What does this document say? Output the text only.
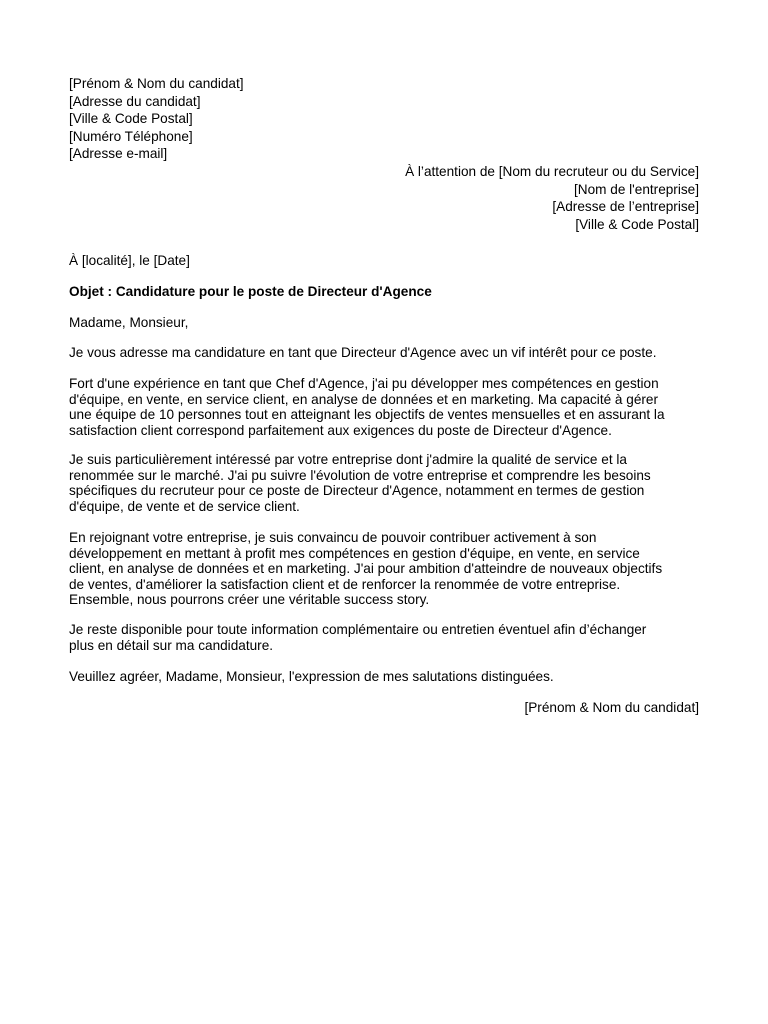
[Prénom & Nom du candidat]
[Adresse du candidat]
[Ville & Code Postal]
[Numéro Téléphone]
[Adresse e-mail]
À l’attention de [Nom du recruteur ou du Service]
[Nom de l'entreprise]
[Adresse de l’entreprise]
[Ville & Code Postal]
À [localité], le [Date]
Objet : Candidature pour le poste de Directeur d'Agence
Madame, Monsieur,
Je vous adresse ma candidature en tant que Directeur d'Agence avec un vif intérêt pour ce poste.
Fort d'une expérience en tant que Chef d'Agence, j'ai pu développer mes compétences en gestion
d'équipe, en vente, en service client, en analyse de données et en marketing. Ma capacité à gérer
une équipe de 10 personnes tout en atteignant les objectifs de ventes mensuelles et en assurant la
satisfaction client correspond parfaitement aux exigences du poste de Directeur d'Agence.
Je suis particulièrement intéressé par votre entreprise dont j'admire la qualité de service et la
renommée sur le marché. J'ai pu suivre l'évolution de votre entreprise et comprendre les besoins
spécifiques du recruteur pour ce poste de Directeur d'Agence, notamment en termes de gestion
d'équipe, de vente et de service client.
En rejoignant votre entreprise, je suis convaincu de pouvoir contribuer activement à son
développement en mettant à profit mes compétences en gestion d'équipe, en vente, en service
client, en analyse de données et en marketing. J'ai pour ambition d'atteindre de nouveaux objectifs
de ventes, d'améliorer la satisfaction client et de renforcer la renommée de votre entreprise.
Ensemble, nous pourrons créer une véritable success story.
Je reste disponible pour toute information complémentaire ou entretien éventuel afin d’échanger
plus en détail sur ma candidature.
Veuillez agréer, Madame, Monsieur, l'expression de mes salutations distinguées.
[Prénom & Nom du candidat]
